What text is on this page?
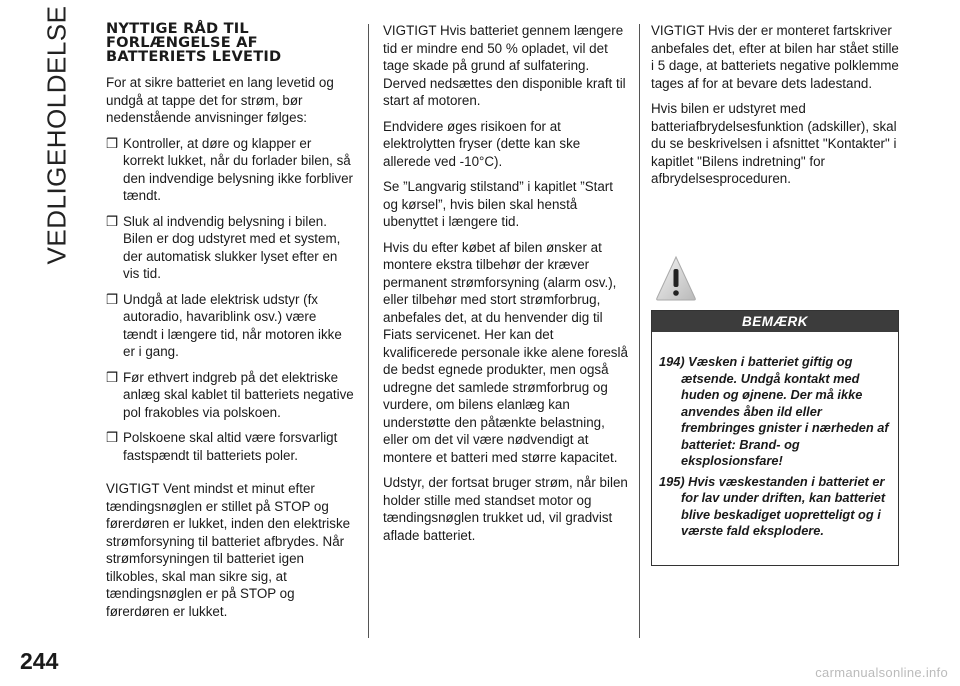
VEDLIGEHOLDELSE
244
NYTTIGE RÅD TIL FORLÆNGELSE AF BATTERIETS LEVETID

For at sikre batteriet en lang levetid og undgå at tappe det for strøm, bør nedenstående anvisninger følges:

❒ Kontroller, at døre og klapper er korrekt lukket, når du forlader bilen, så den indvendige belysning ikke forbliver tændt.
❒ Sluk al indvendig belysning i bilen. Bilen er dog udstyret med et system, der automatisk slukker lyset efter en vis tid.
❒ Undgå at lade elektrisk udstyr (fx autoradio, havariblink osv.) være tændt i længere tid, når motoren ikke er i gang.
❒ Før ethvert indgreb på det elektriske anlæg skal kablet til batteriets negative pol frakobles via polskoen.
❒ Polskoene skal altid være forsvarligt fastspændt til batteriets poler.

VIGTIGT Vent mindst et minut efter tændingsnøglen er stillet på STOP og førerdøren er lukket, inden den elektriske strømforsyning til batteriet afbrydes. Når strømforsyningen til batteriet igen tilkobles, skal man sikre sig, at tændingsnøglen er på STOP og førerdøren er lukket.

VIGTIGT Hvis batteriet gennem længere tid er mindre end 50 % opladet, vil det tage skade på grund af sulfatering. Derved nedsættes den disponible kraft til start af motoren.

Endvidere øges risikoen for at elektrolytten fryser (dette kan ske allerede ved -10°C).

Se ”Langvarig stilstand” i kapitlet ”Start og kørsel”, hvis bilen skal henstå ubenyttet i længere tid.

Hvis du efter købet af bilen ønsker at montere ekstra tilbehør der kræver permanent strømforsyning (alarm osv.), eller tilbehør med stort strømforbrug, anbefales det, at du henvender dig til Fiats servicenet. Her kan det kvalificerede personale ikke alene foreslå de bedst egnede produkter, men også udregne det samlede strømforbrug og vurdere, om bilens elanlæg kan understøtte den påtænkte belastning, eller om det vil være nødvendigt at montere et batteri med større kapacitet.

Udstyr, der fortsat bruger strøm, når bilen holder stille med standset motor og tændingsnøglen trukket ud, vil gradvist aflade batteriet.

VIGTIGT Hvis der er monteret fartskriver anbefales det, efter at bilen har stået stille i 5 dage, at batteriets negative polklemme tages af for at bevare dets ladestand.

Hvis bilen er udstyret med batteriafbrydelsesfunktion (adskiller), skal du se beskrivelsen i afsnittet "Kontakter" i kapitlet "Bilens indretning" for afbrydelsesproceduren.

BEMÆRK
194) Væsken i batteriet giftig og ætsende. Undgå kontakt med huden og øjnene. Der må ikke anvendes åben ild eller frembringes gnister i nærheden af batteriet: Brand- og eksplosionsfare!
195) Hvis væskestanden i batteriet er for lav under driften, kan batteriet blive beskadiget uopretteligt og i værste fald eksplodere.
carmanualsonline.info
